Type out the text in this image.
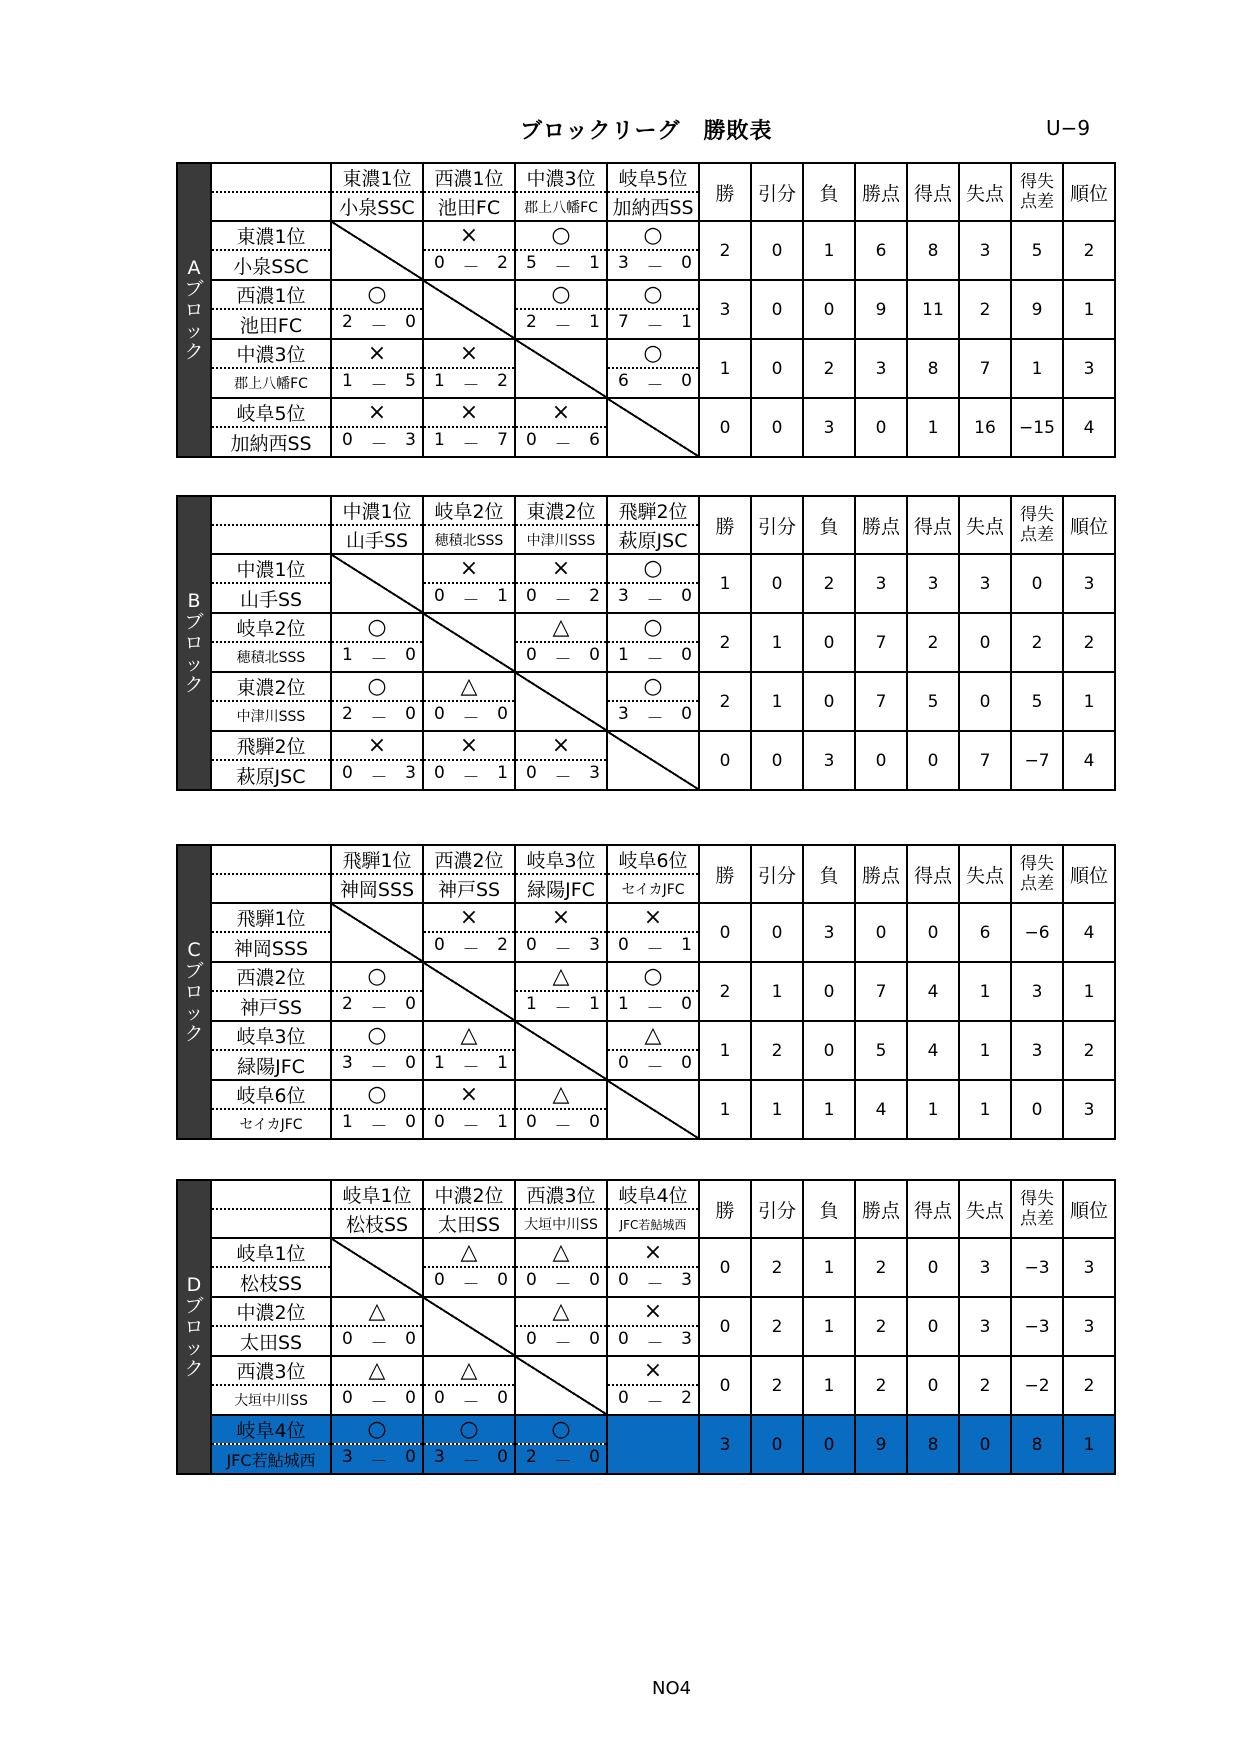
ブロックリーグ　勝敗表	U−9
Aブロック		東濃1位	西濃1位	中濃3位	岐阜5位	勝	引分	負	勝点	得点	失点	得失点差	順位
		小泉SSC	池田FC	郡上八幡FC	加納西SS								
	東濃1位		×	○	○	2	0	1	6	8	3	5	2
	小泉SSC		0 － 2	5 － 1	3 － 0								

	西濃1位	○		○	○	3	0	0	9	11	2	9	1
	池田FC	2 － 0		2 － 1	7 － 1								

	中濃3位	×	×		○	1	0	2	3	8	7	1	3
	郡上八幡FC	1 － 5	1 － 2		6 － 0								

	岐阜5位	×	×	×		0	0	3	0	1	16	−15	4
	加納西SS	0 － 3	1 － 7	0 － 6									
Bブロック		中濃1位	岐阜2位	東濃2位	飛騨2位	勝	引分	負	勝点	得点	失点	得失点差	順位
		山手SS	穂積北SSS	中津川SSS	萩原JSC								
	中濃1位		×	×	○	1	0	2	3	3	3	0	3
	山手SS		0 － 1	0 － 2	3 － 0								

	岐阜2位	○		△	○	2	1	0	7	2	0	2	2
	穂積北SSS	1 － 0		0 － 0	1 － 0								

	東濃2位	○	△		○	2	1	0	7	5	0	5	1
	中津川SSS	2 － 0	0 － 0		3 － 0								

	飛騨2位	×	×	×		0	0	3	0	0	7	−7	4
	萩原JSC	0 － 3	0 － 1	0 － 3									
Cブロック		飛騨1位	西濃2位	岐阜3位	岐阜6位	勝	引分	負	勝点	得点	失点	得失点差	順位
		神岡SSS	神戸SS	緑陽JFC	セイカJFC								
	飛騨1位		×	×	×	0	0	3	0	0	6	−6	4
	神岡SSS		0 － 2	0 － 3	0 － 1								

	西濃2位	○		△	○	2	1	0	7	4	1	3	1
	神戸SS	2 － 0		1 － 1	1 － 0								

	岐阜3位	○	△		△	1	2	0	5	4	1	3	2
	緑陽JFC	3 － 0	1 － 1		0 － 0								

	岐阜6位	○	×	△		1	1	1	4	1	1	0	3
	セイカJFC	1 － 0	0 － 1	0 － 0									
Dブロック		岐阜1位	中濃2位	西濃3位	岐阜4位	勝	引分	負	勝点	得点	失点	得失点差	順位
		松枝SS	太田SS	大垣中川SS	JFC若鮎城西								
	岐阜1位		△	△	×	0	2	1	2	0	3	−3	3
	松枝SS		0 － 0	0 － 0	0 － 3								

	中濃2位	△		△	×	0	2	1	2	0	3	−3	3
	太田SS	0 － 0		0 － 0	0 － 3								

	西濃3位	△	△		×	0	2	1	2	0	2	−2	2
	大垣中川SS	0 － 0	0 － 0		0 － 2								

	岐阜4位	○	○	○		3	0	0	9	8	0	8	1
	JFC若鮎城西	3 － 0	3 － 0	2 － 0									
NO4
